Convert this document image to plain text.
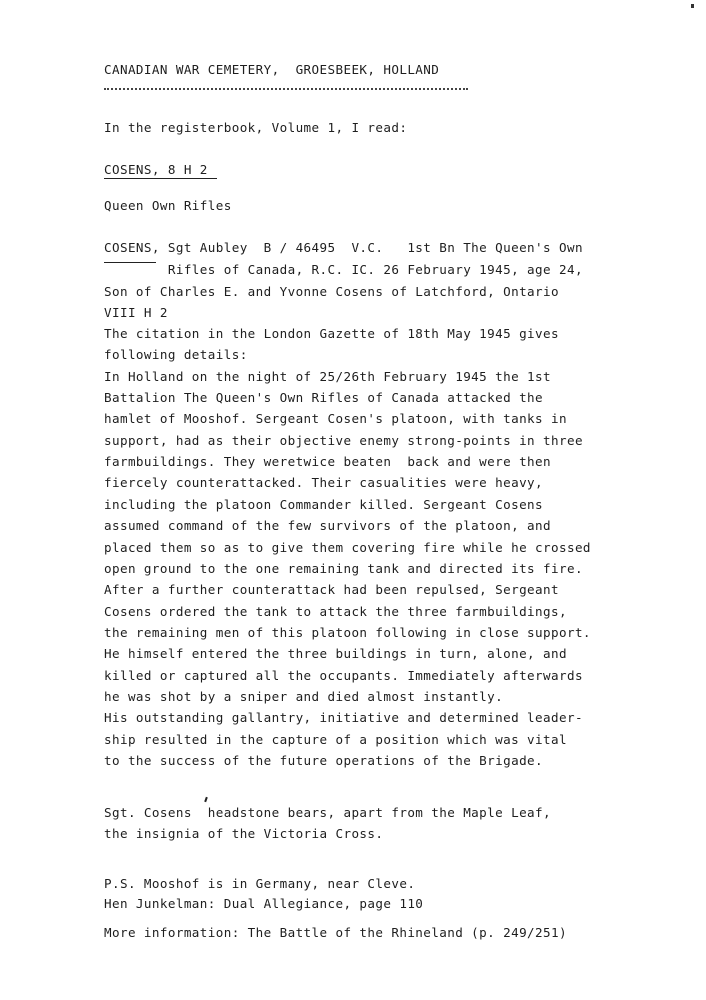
CANADIAN WAR CEMETERY,  GROESBEEK, HOLLAND
In the registerbook, Volume 1, I read:
COSENS, 8 H 2
Queen Own Rifles
COSENS, Sgt Aubley  B / 46495  V.C.   1st Bn The Queen's Own
Rifles of Canada, R.C. IC. 26 February 1945, age 24,
Son of Charles E. and Yvonne Cosens of Latchford, Ontario
VIII H 2
The citation in the London Gazette of 18th May 1945 gives
following details:
In Holland on the night of 25/26th February 1945 the 1st
Battalion The Queen's Own Rifles of Canada attacked the
hamlet of Mooshof. Sergeant Cosen's platoon, with tanks in
support, had as their objective enemy strong-points in three
farmbuildings. They weretwice beaten  back and were then
fiercely counterattacked. Their casualities were heavy,
including the platoon Commander killed. Sergeant Cosens
assumed command of the few survivors of the platoon, and
placed them so as to give them covering fire while he crossed
open ground to the one remaining tank and directed its fire.
After a further counterattack had been repulsed, Sergeant
Cosens ordered the tank to attack the three farmbuildings,
the remaining men of this platoon following in close support.
He himself entered the three buildings in turn, alone, and
killed or captured all the occupants. Immediately afterwards
he was shot by a sniper and died almost instantly.
His outstanding gallantry, initiative and determined leader-
ship resulted in the capture of a position which was vital
to the success of the future operations of the Brigade.
Sgt. Cosens  headstone bears, apart from the Maple Leaf,
the insignia of the Victoria Cross.
P.S. Mooshof is in Germany, near Cleve.
Hen Junkelman: Dual Allegiance, page 110
More information: The Battle of the Rhineland (p. 249/251)
